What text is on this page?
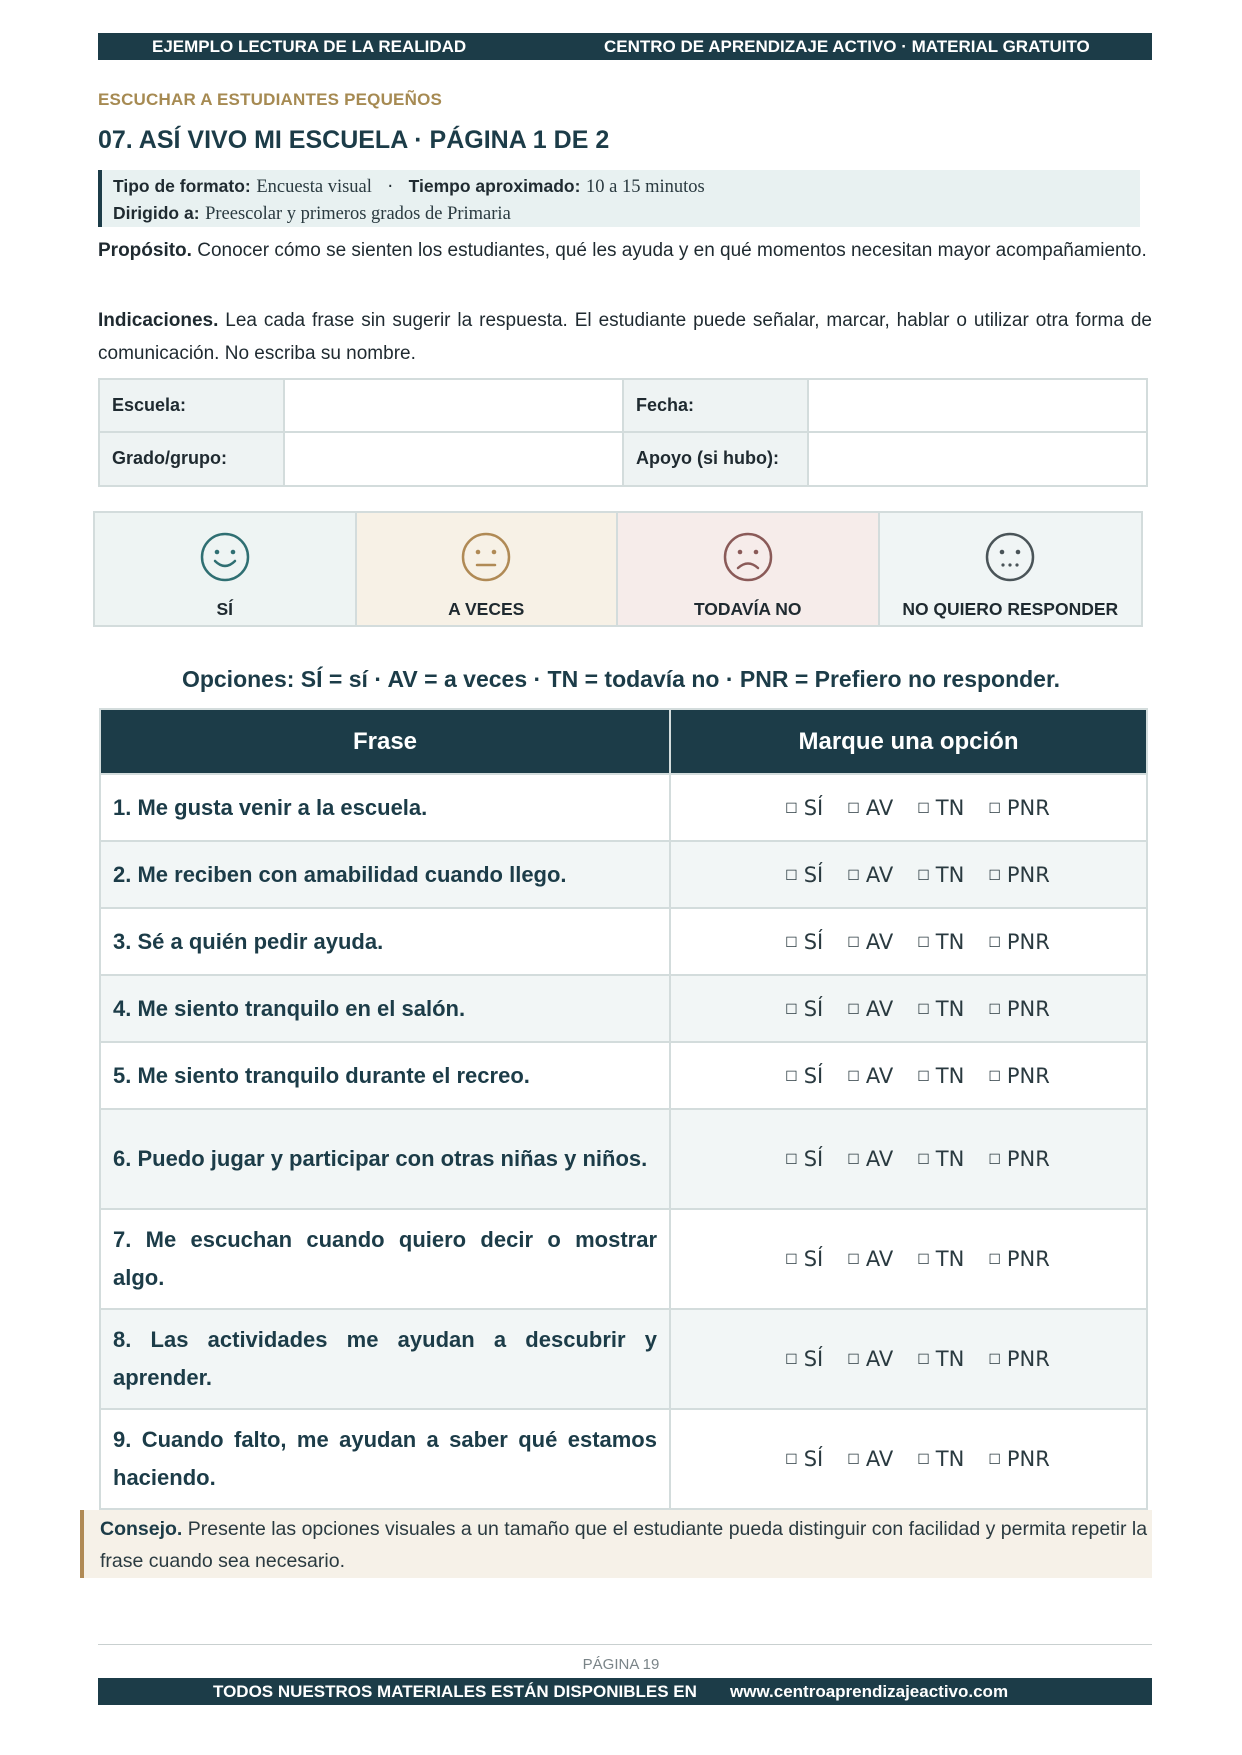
EJEMPLO LECTURA DE LA REALIDAD	CENTRO DE APRENDIZAJE ACTIVO · MATERIAL GRATUITO
ESCUCHAR A ESTUDIANTES PEQUEÑOS
07. ASÍ VIVO MI ESCUELA · PÁGINA 1 DE 2
Tipo de formato: Encuesta visual · Tiempo aproximado: 10 a 15 minutos
Dirigido a: Preescolar y primeros grados de Primaria
Propósito. Conocer cómo se sienten los estudiantes, qué les ayuda y en qué momentos necesitan mayor acompañamiento.
Indicaciones. Lea cada frase sin sugerir la respuesta. El estudiante puede señalar, marcar, hablar o utilizar otra forma de comunicación. No escriba su nombre.
Escuela:	Fecha:
Grado/grupo:	Apoyo (si hubo):
SÍ	A VECES	TODAVÍA NO	NO QUIERO RESPONDER
Opciones: SÍ = sí · AV = a veces · TN = todavía no · PNR = Prefiero no responder.
Frase	Marque una opción
1. Me gusta venir a la escuela.	☐ SÍ ☐ AV ☐ TN ☐ PNR
2. Me reciben con amabilidad cuando llego.	☐ SÍ ☐ AV ☐ TN ☐ PNR
3. Sé a quién pedir ayuda.	☐ SÍ ☐ AV ☐ TN ☐ PNR
4. Me siento tranquilo en el salón.	☐ SÍ ☐ AV ☐ TN ☐ PNR
5. Me siento tranquilo durante el recreo.	☐ SÍ ☐ AV ☐ TN ☐ PNR
6. Puedo jugar y participar con otras niñas y niños.	☐ SÍ ☐ AV ☐ TN ☐ PNR
7. Me escuchan cuando quiero decir o mostrar algo.	☐ SÍ ☐ AV ☐ TN ☐ PNR
8. Las actividades me ayudan a descubrir y aprender.	☐ SÍ ☐ AV ☐ TN ☐ PNR
9. Cuando falto, me ayudan a saber qué estamos haciendo.	☐ SÍ ☐ AV ☐ TN ☐ PNR
Consejo. Presente las opciones visuales a un tamaño que el estudiante pueda distinguir con facilidad y permita repetir la frase cuando sea necesario.
PÁGINA 19
TODOS NUESTROS MATERIALES ESTÁN DISPONIBLES EN www.centroaprendizajeactivo.com
